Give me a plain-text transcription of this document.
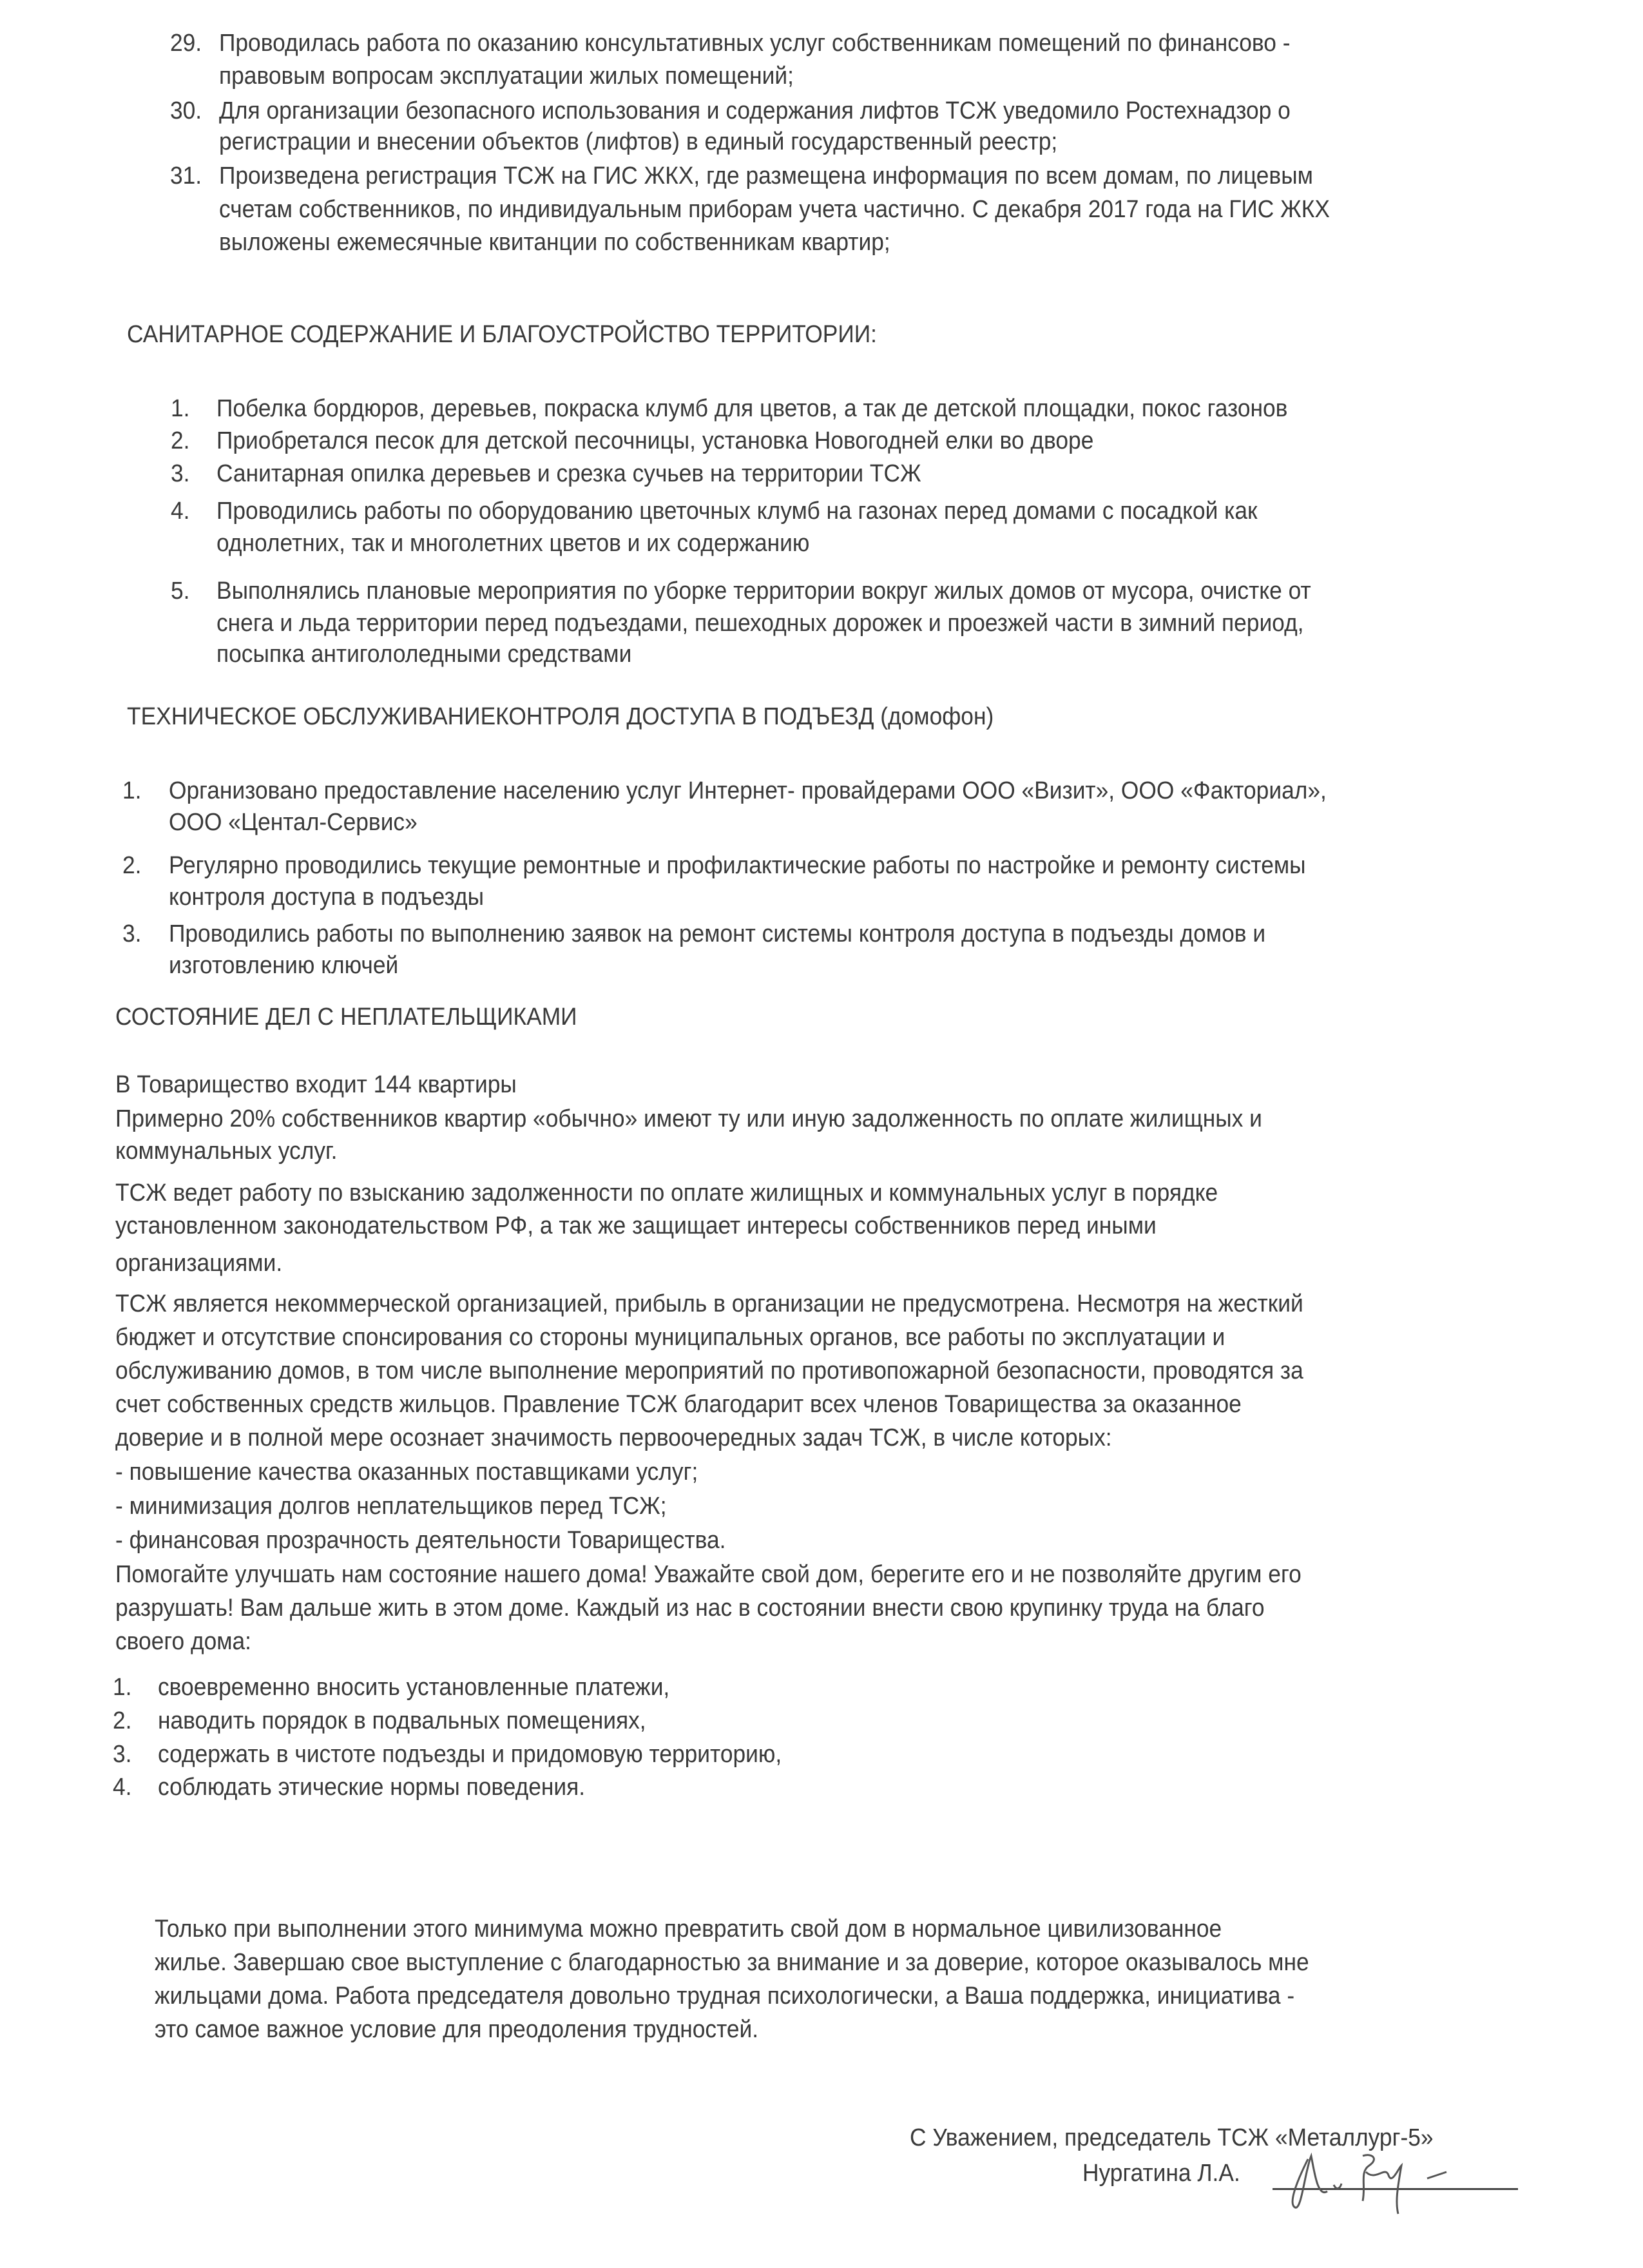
29. Проводилась работа по оказанию консультативных услуг собственникам помещений по финансово -
правовым вопросам эксплуатации жилых помещений;
30. Для организации безопасного использования и содержания лифтов ТСЖ уведомило Ростехнадзор о
регистрации и внесении объектов (лифтов) в единый государственный реестр;
31. Произведена регистрация ТСЖ на ГИС ЖКХ, где размещена информация по всем домам, по лицевым
счетам собственников, по индивидуальным приборам учета частично. С декабря 2017 года на ГИС ЖКХ
выложены ежемесячные квитанции по собственникам квартир;
САНИТАРНОЕ СОДЕРЖАНИЕ И БЛАГОУСТРОЙСТВО ТЕРРИТОРИИ:
1. Побелка бордюров, деревьев, покраска клумб для цветов, а так де детской площадки, покос газонов
2. Приобретался песок для детской песочницы, установка Новогодней елки во дворе
3. Санитарная опилка деревьев и срезка сучьев на территории ТСЖ
4. Проводились работы по оборудованию цветочных клумб на газонах перед домами с посадкой как
однолетних, так и многолетних цветов и их содержанию
5. Выполнялись плановые мероприятия по уборке территории вокруг жилых домов от мусора, очистке от
снега и льда территории перед подъездами, пешеходных дорожек и проезжей части в зимний период,
посыпка антигололедными средствами
ТЕХНИЧЕСКОЕ ОБСЛУЖИВАНИЕКОНТРОЛЯ ДОСТУПА В ПОДЪЕЗД (домофон)
1. Организовано предоставление населению услуг Интернет- провайдерами ООО «Визит», ООО «Факториал»,
ООО «Центал-Сервис»
2. Регулярно проводились текущие ремонтные и профилактические работы по настройке и ремонту системы
контроля доступа в подъезды
3. Проводились работы по выполнению заявок на ремонт системы контроля доступа в подъезды домов и
изготовлению ключей
СОСТОЯНИЕ ДЕЛ С НЕПЛАТЕЛЬЩИКАМИ
В Товарищество входит 144 квартиры
Примерно 20% собственников квартир «обычно» имеют ту или иную задолженность по оплате жилищных и
коммунальных услуг.
ТСЖ ведет работу по взысканию задолженности по оплате жилищных и коммунальных услуг в порядке
установленном законодательством РФ, а так же защищает интересы собственников перед иными
организациями.
ТСЖ является некоммерческой организацией, прибыль в организации не предусмотрена. Несмотря на жесткий
бюджет и отсутствие спонсирования со стороны муниципальных органов, все работы по эксплуатации и
обслуживанию домов, в том числе выполнение мероприятий по противопожарной безопасности, проводятся за
счет собственных средств жильцов. Правление ТСЖ благодарит всех членов Товарищества за оказанное
доверие и в полной мере осознает значимость первоочередных задач ТСЖ, в числе которых:
- повышение качества оказанных поставщиками услуг;
- минимизация долгов неплательщиков перед ТСЖ;
- финансовая прозрачность деятельности Товарищества.
Помогайте улучшать нам состояние нашего дома! Уважайте свой дом, берегите его и не позволяйте другим его
разрушать! Вам дальше жить в этом доме. Каждый из нас в состоянии внести свою крупинку труда на благо
своего дома:
1. своевременно вносить установленные платежи,
2. наводить порядок в подвальных помещениях,
3. содержать в чистоте подъезды и придомовую территорию,
4. соблюдать этические нормы поведения.
Только при выполнении этого минимума можно превратить свой дом в нормальное цивилизованное
жилье. Завершаю свое выступление с благодарностью за внимание и за доверие, которое оказывалось мне
жильцами дома. Работа председателя довольно трудная психологически, а Ваша поддержка, инициатива -
это самое важное условие для преодоления трудностей.
С Уважением, председатель ТСЖ «Металлург-5»
Нургатина Л.А.
